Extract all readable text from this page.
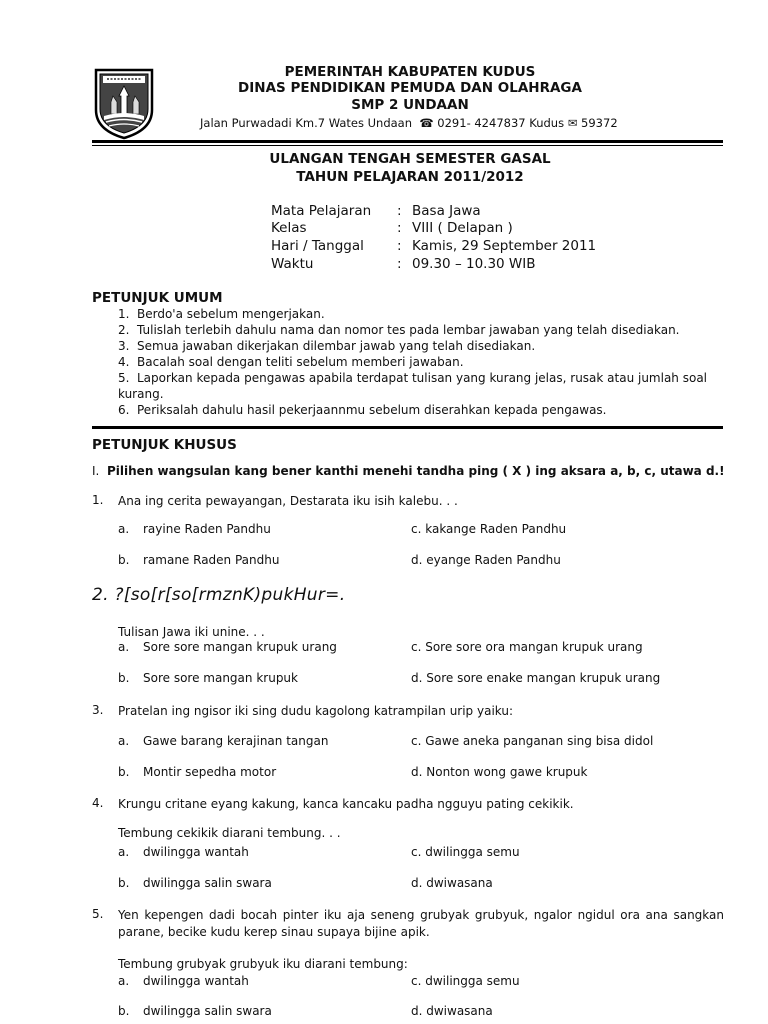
PEMERINTAH KABUPATEN KUDUS
DINAS PENDIDIKAN PEMUDA DAN OLAHRAGA
SMP 2 UNDAAN
Jalan Purwadadi Km.7 Wates Undaan  ☎ 0291- 4247837 Kudus ✉ 59372
ULANGAN TENGAH SEMESTER GASAL
TAHUN PELAJARAN 2011/2012
Mata Pelajaran : Basa Jawa
Kelas	: VIII ( Delapan )
Hari / Tanggal : Kamis, 29 September 2011
Waktu	: 09.30 – 10.30 WIB
PETUNJUK UMUM
1. Berdo'a sebelum mengerjakan.
2. Tulislah terlebih dahulu nama dan nomor tes pada lembar jawaban yang telah disediakan.
3. Semua jawaban dikerjakan dilembar jawab yang telah disediakan.
4. Bacalah soal dengan teliti sebelum memberi jawaban.
5. Laporkan kepada pengawas apabila terdapat tulisan yang kurang jelas, rusak atau jumlah soal kurang.
6. Periksalah dahulu hasil pekerjaannmu sebelum diserahkan kepada pengawas.
PETUNJUK KHUSUS
I. Pilihen wangsulan kang bener kanthi menehi tandha ping ( X ) ing aksara a, b, c, utawa d.!
1. Ana ing cerita pewayangan, Destarata iku isih kalebu. . .
a. rayine Raden Pandhu	c. kakange Raden Pandhu
b. ramane Raden Pandhu	d. eyange Raden Pandhu
2. ?[so[r[so[rmznK)pukHur=.
Tulisan Jawa iki unine. . .
a. Sore sore mangan krupuk urang	c. Sore sore ora mangan krupuk urang
b. Sore sore mangan krupuk	d. Sore sore enake mangan krupuk urang
3. Pratelan ing ngisor iki sing dudu kagolong katrampilan urip yaiku:
a. Gawe barang kerajinan tangan	c. Gawe aneka panganan sing bisa didol
b. Montir sepedha motor	d. Nonton wong gawe krupuk
4. Krungu critane eyang kakung, kanca kancaku padha ngguyu pating cekikik.
Tembung cekikik diarani tembung. . .
a. dwilingga wantah	c. dwilingga semu
b. dwilingga salin swara	d. dwiwasana
5. Yen kepengen dadi bocah pinter iku aja seneng grubyak grubyuk, ngalor ngidul ora ana sangkan parane, becike kudu kerep sinau supaya bijine apik.
Tembung grubyak grubyuk iku diarani tembung:
a. dwilingga wantah	c. dwilingga semu
b. dwilingga salin swara	d. dwiwasana
